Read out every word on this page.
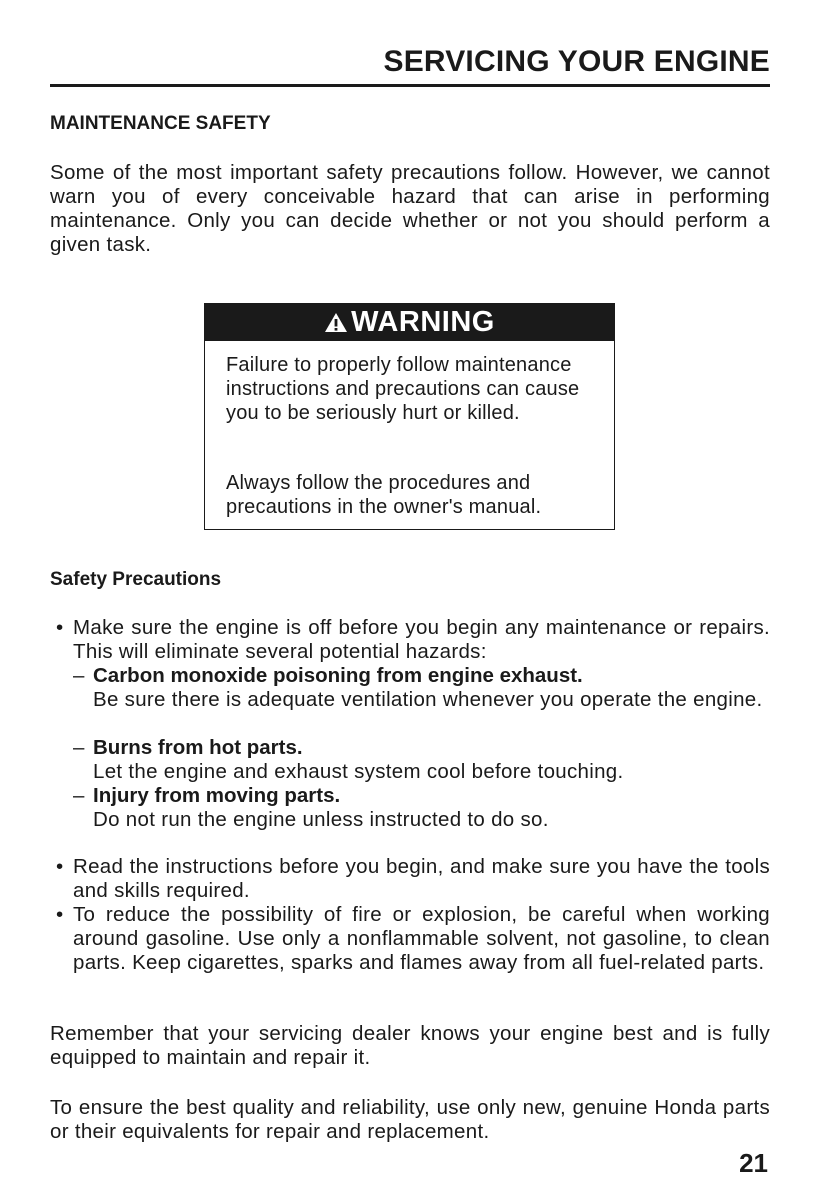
SERVICING YOUR ENGINE
MAINTENANCE SAFETY

Some of the most important safety precautions follow. However, we cannot warn you of every conceivable hazard that can arise in performing maintenance. Only you can decide whether or not you should perform a given task.

WARNING

Failure to properly follow maintenance instructions and precautions can cause you to be seriously hurt or killed.

Always follow the procedures and precautions in the owner's manual.

Safety Precautions
• Make sure the engine is off before you begin any maintenance or repairs. This will eliminate several potential hazards:
– Carbon monoxide poisoning from engine exhaust.
Be sure there is adequate ventilation whenever you operate the engine.
– Burns from hot parts.
Let the engine and exhaust system cool before touching.
– Injury from moving parts.
Do not run the engine unless instructed to do so.
• Read the instructions before you begin, and make sure you have the tools and skills required.
• To reduce the possibility of fire or explosion, be careful when working around gasoline. Use only a nonflammable solvent, not gasoline, to clean parts. Keep cigarettes, sparks and flames away from all fuel-related parts.

Remember that your servicing dealer knows your engine best and is fully equipped to maintain and repair it.

To ensure the best quality and reliability, use only new, genuine Honda parts or their equivalents for repair and replacement.

21
